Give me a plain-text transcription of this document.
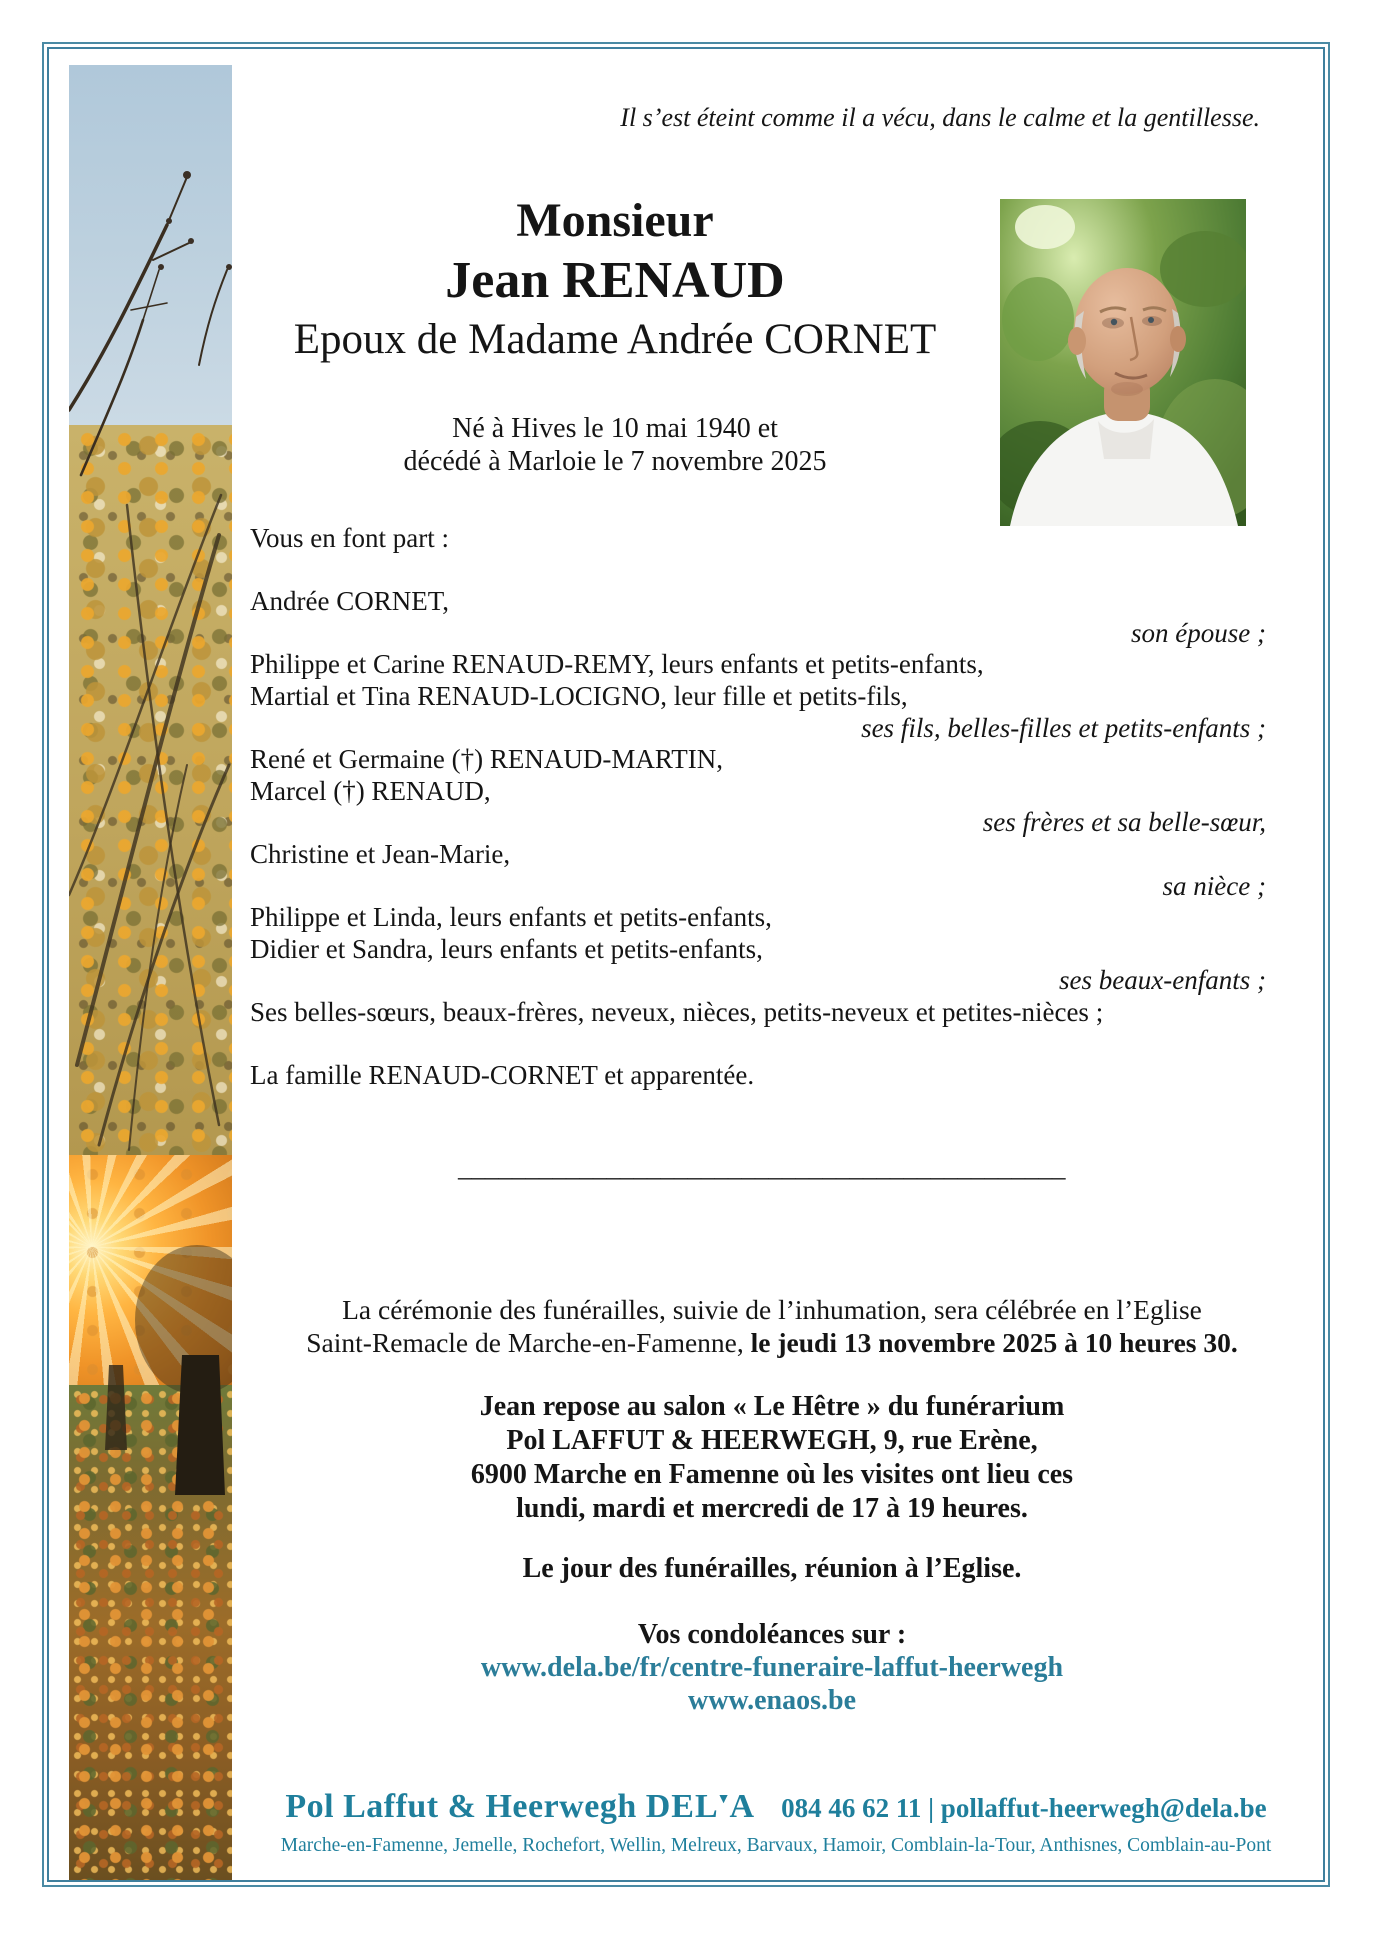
Il s’est éteint comme il a vécu, dans le calme et la gentillesse.
Monsieur
Jean RENAUD
Epoux de Madame Andrée CORNET
Né à Hives le 10 mai 1940 et
décédé à Marloie le 7 novembre 2025
Vous en font part :
Andrée CORNET,
son épouse ;
Philippe et Carine RENAUD-REMY, leurs enfants et petits-enfants,
Martial et Tina RENAUD-LOCIGNO, leur fille et petits-fils,
ses fils, belles-filles et petits-enfants ;
René et Germaine (†) RENAUD-MARTIN,
Marcel (†) RENAUD,
ses frères et sa belle-sœur,
Christine et Jean-Marie,
sa nièce ;
Philippe et Linda, leurs enfants et petits-enfants,
Didier et Sandra, leurs enfants et petits-enfants,
ses beaux-enfants ;
Ses belles-sœurs, beaux-frères, neveux, nièces, petits-neveux et petites-nièces ;
La famille RENAUD-CORNET et apparentée.
_____________________________________________
La cérémonie des funérailles, suivie de l’inhumation, sera célébrée en l’Eglise
Saint-Remacle de Marche-en-Famenne, le jeudi 13 novembre 2025 à 10 heures 30.
Jean repose au salon « Le Hêtre » du funérarium
Pol LAFFUT & HEERWEGH, 9, rue Erène,
6900 Marche en Famenne où les visites ont lieu ces
lundi, mardi et mercredi de 17 à 19 heures.
Le jour des funérailles, réunion à l’Eglise.
Vos condoléances sur :
www.dela.be/fr/centre-funeraire-laffut-heerwegh
www.enaos.be
Pol Laffut & Heerwegh DEL▼A 084 46 62 11 | pollaffut-heerwegh@dela.be
Marche-en-Famenne, Jemelle, Rochefort, Wellin, Melreux, Barvaux, Hamoir, Comblain-la-Tour, Anthisnes, Comblain-au-Pont
